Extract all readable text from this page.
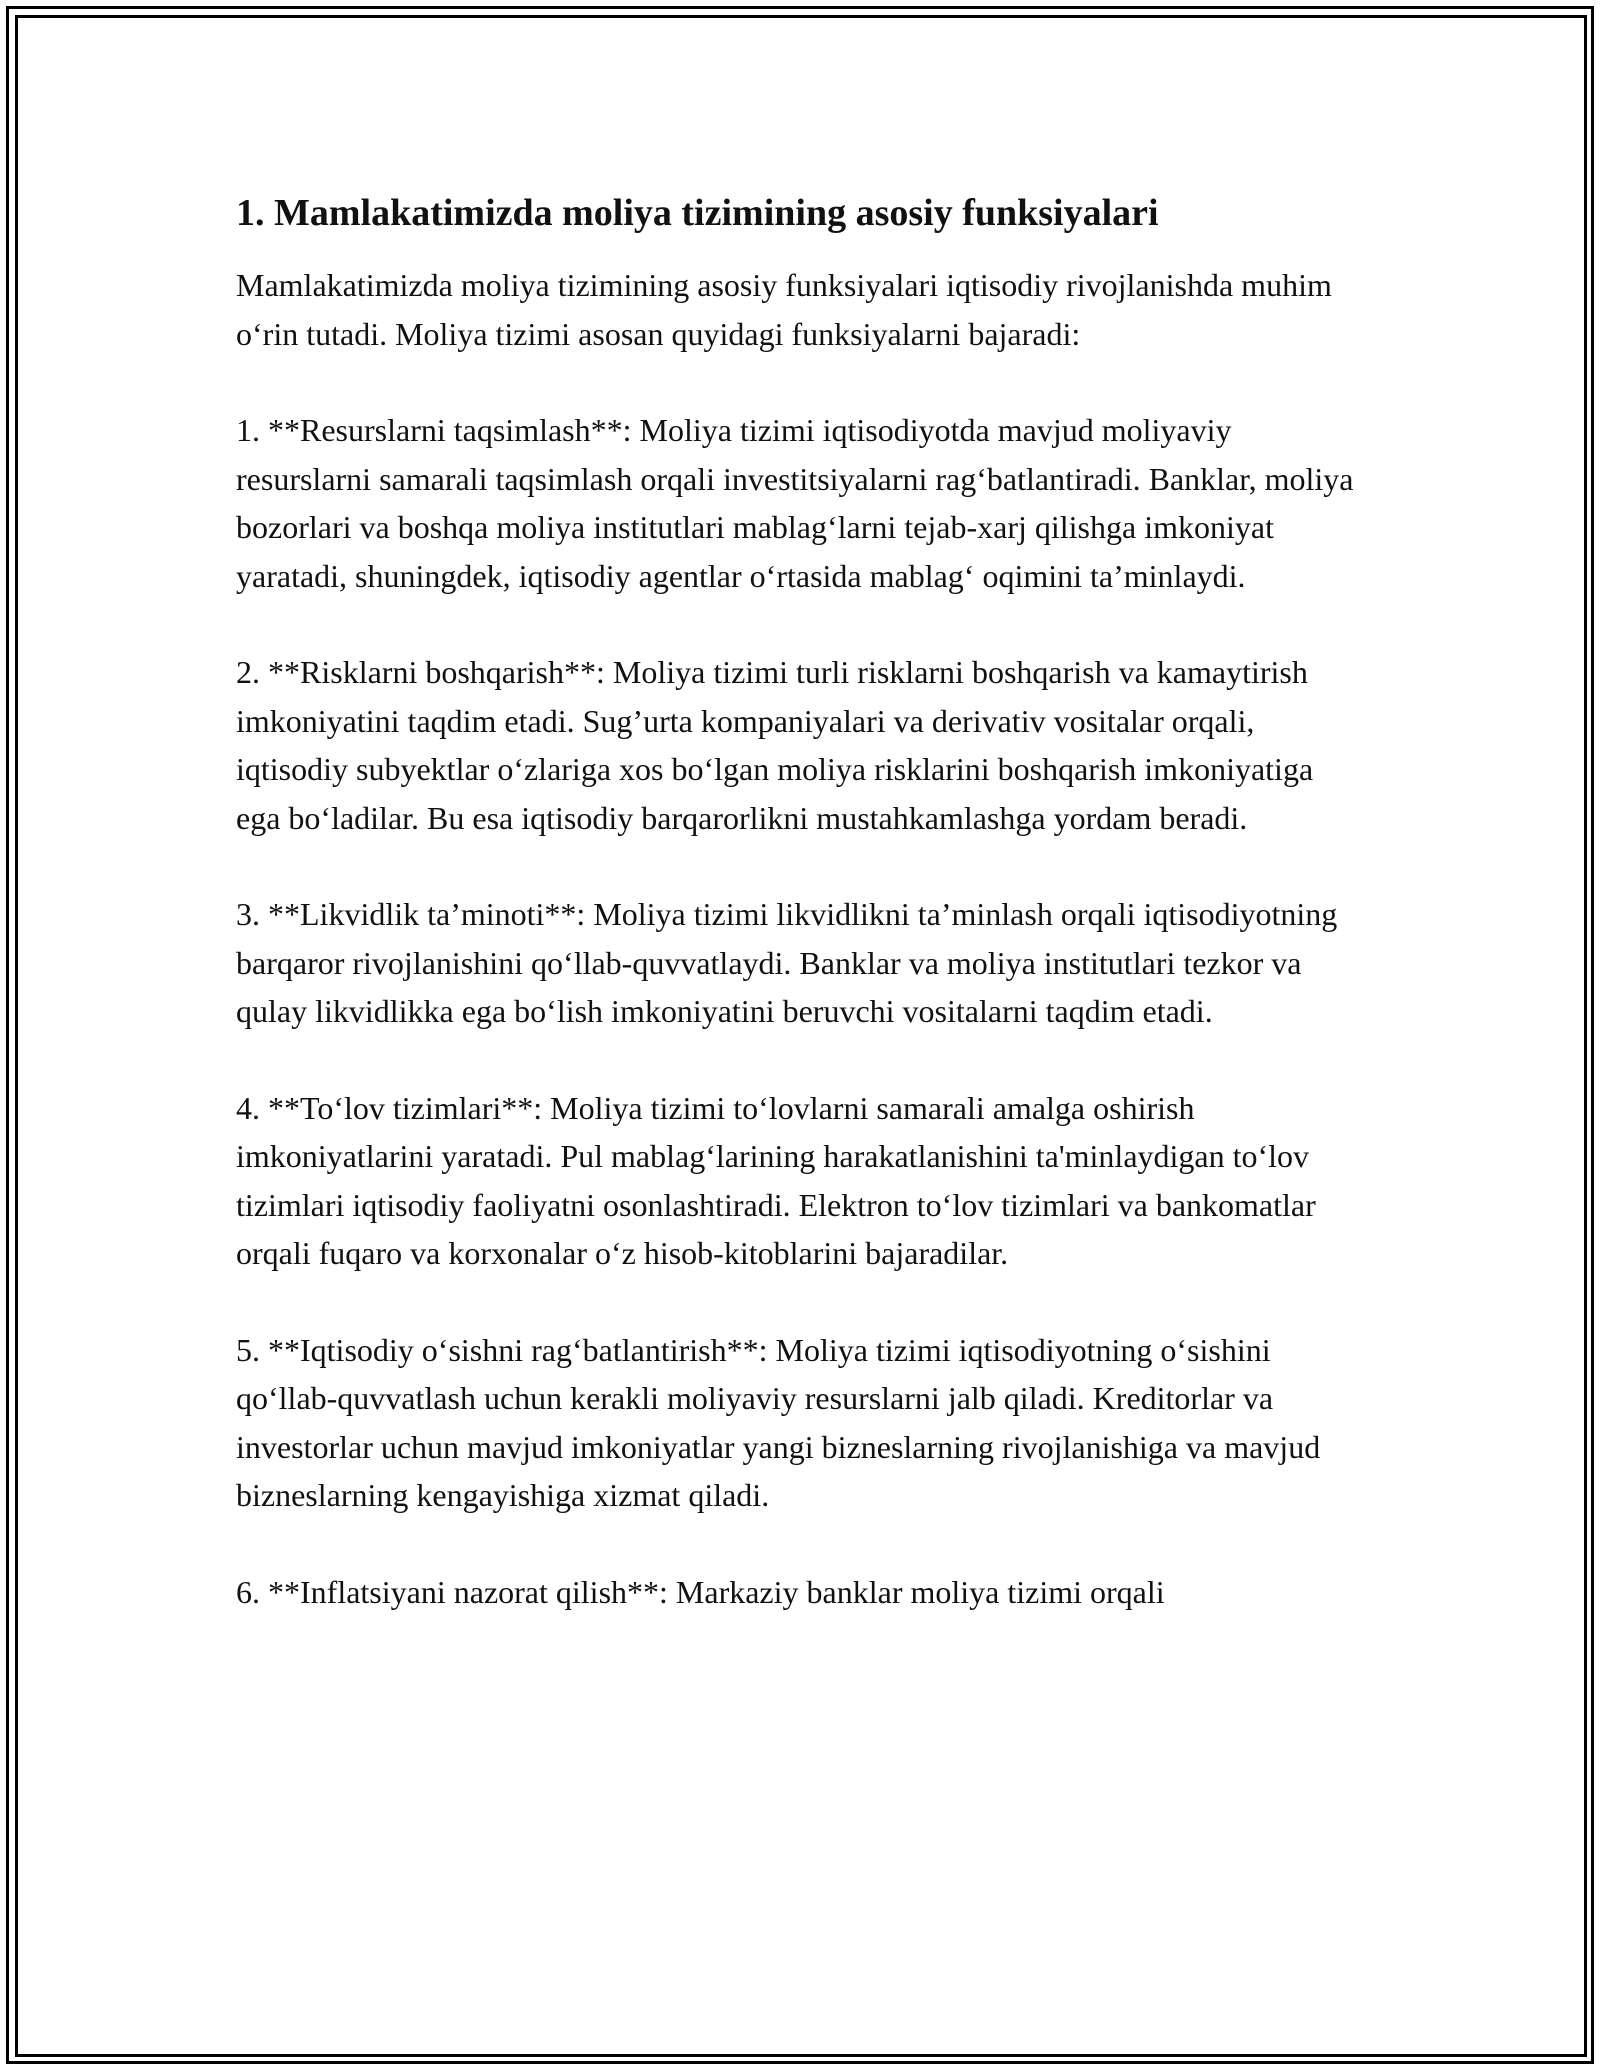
1. Mamlakatimizda moliya tizimining asosiy funksiyalari

Mamlakatimizda moliya tizimining asosiy funksiyalari iqtisodiy rivojlanishda muhim o‘rin tutadi. Moliya tizimi asosan quyidagi funksiyalarni bajaradi:

1. **Resurslarni taqsimlash**: Moliya tizimi iqtisodiyotda mavjud moliyaviy resurslarni samarali taqsimlash orqali investitsiyalarni rag‘batlantiradi. Banklar, moliya bozorlari va boshqa moliya institutlari mablag‘larni tejab-xarj qilishga imkoniyat yaratadi, shuningdek, iqtisodiy agentlar o‘rtasida mablag‘ oqimini ta’minlaydi.

2. **Risklarni boshqarish**: Moliya tizimi turli risklarni boshqarish va kamaytirish imkoniyatini taqdim etadi. Sug’urta kompaniyalari va derivativ vositalar orqali, iqtisodiy subyektlar o‘zlariga xos bo‘lgan moliya risklarini boshqarish imkoniyatiga ega bo‘ladilar. Bu esa iqtisodiy barqarorlikni mustahkamlashga yordam beradi.

3. **Likvidlik ta’minoti**: Moliya tizimi likvidlikni ta’minlash orqali iqtisodiyotning barqaror rivojlanishini qo‘llab-quvvatlaydi. Banklar va moliya institutlari tezkor va qulay likvidlikka ega bo‘lish imkoniyatini beruvchi vositalarni taqdim etadi.

4. **To‘lov tizimlari**: Moliya tizimi to‘lovlarni samarali amalga oshirish imkoniyatlarini yaratadi. Pul mablag‘larining harakatlanishini ta'minlaydigan to‘lov tizimlari iqtisodiy faoliyatni osonlashtiradi. Elektron to‘lov tizimlari va bankomatlar orqali fuqaro va korxonalar o‘z hisob-kitoblarini bajaradilar.

5. **Iqtisodiy o‘sishni rag‘batlantirish**: Moliya tizimi iqtisodiyotning o‘sishini qo‘llab-quvvatlash uchun kerakli moliyaviy resurslarni jalb qiladi. Kreditorlar va investorlar uchun mavjud imkoniyatlar yangi bizneslarning rivojlanishiga va mavjud bizneslarning kengayishiga xizmat qiladi.

6. **Inflatsiyani nazorat qilish**: Markaziy banklar moliya tizimi orqali
